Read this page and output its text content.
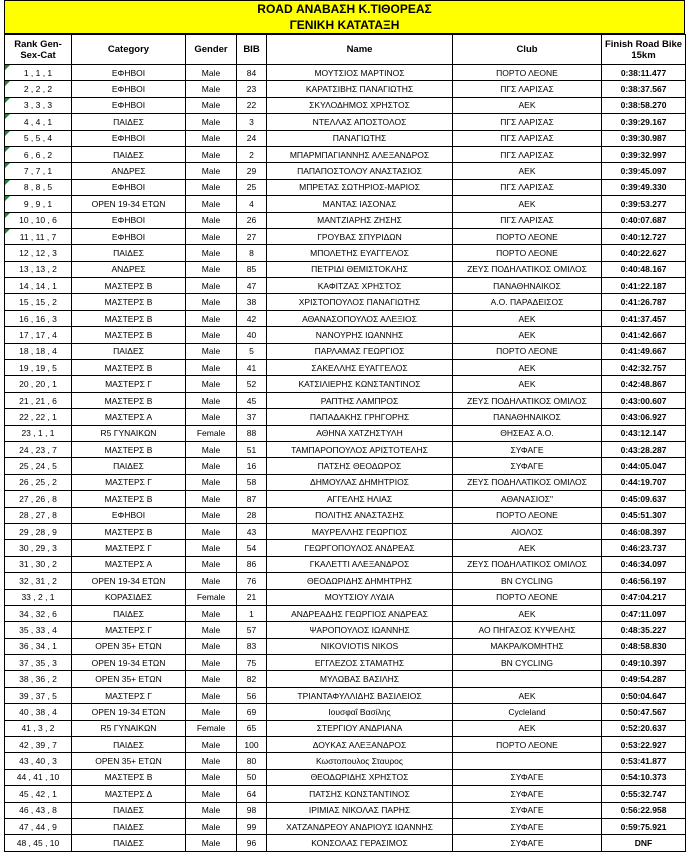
ROAD ΑΝΑΒΑΣΗ Κ.ΤΙΘΟΡΕΑΣ
ΓΕΝΙΚΗ ΚΑΤΑΤΑΞΗ
Rank Gen-Sex-Cat	Category	Gender	BIB	Name	Club	Finish Road Bike 15km
1 , 1 , 1	ΕΦΗΒΟΙ	Male	84	ΜΟΥΤΣΙΟΣ ΜΑΡΤΙΝΟΣ	ΠΟΡΤΟ ΛΕΟΝΕ	0:38:11.477
2 , 2 , 2	ΕΦΗΒΟΙ	Male	23	ΚΑΡΑΤΣΙΒΗΣ ΠΑΝΑΓΙΩΤΗΣ	ΠΓΣ ΛΑΡΙΣΑΣ	0:38:37.567
3 , 3 , 3	ΕΦΗΒΟΙ	Male	22	ΣΚΥΛΟΔΗΜΟΣ ΧΡΗΣΤΟΣ	ΑΕΚ	0:38:58.270
4 , 4 , 1	ΠΑΙΔΕΣ	Male	3	ΝΤΕΛΛΑΣ ΑΠΟΣΤΟΛΟΣ	ΠΓΣ ΛΑΡΙΣΑΣ	0:39:29.167
5 , 5 , 4	ΕΦΗΒΟΙ	Male	24	ΠΑΝΑΓΙΩΤΗΣ	ΠΓΣ ΛΑΡΙΣΑΣ	0:39:30.987
6 , 6 , 2	ΠΑΙΔΕΣ	Male	2	ΜΠΑΡΜΠΑΓΙΑΝΝΗΣ ΑΛΕΞΑΝΔΡΟΣ	ΠΓΣ ΛΑΡΙΣΑΣ	0:39:32.997
7 , 7 , 1	ΑΝΔΡΕΣ	Male	29	ΠΑΠΑΠΟΣΤΟΛΟΥ ΑΝΑΣΤΑΣΙΟΣ	ΑΕΚ	0:39:45.097
8 , 8 , 5	ΕΦΗΒΟΙ	Male	25	ΜΠΡΕΤΑΣ ΣΩΤΗΡΙΟΣ-ΜΑΡΙΟΣ	ΠΓΣ ΛΑΡΙΣΑΣ	0:39:49.330
9 , 9 , 1	OPEN 19-34 ΕΤΩΝ	Male	4	ΜΑΝΤΑΣ ΙΑΣΟΝΑΣ	ΑΕΚ	0:39:53.277
10 , 10 , 6	ΕΦΗΒΟΙ	Male	26	ΜΑΝΤΖΙΑΡΗΣ ΖΗΣΗΣ	ΠΓΣ ΛΑΡΙΣΑΣ	0:40:07.687
11 , 11 , 7	ΕΦΗΒΟΙ	Male	27	ΓΡΟΥΒΑΣ ΣΠΥΡΙΔΩΝ	ΠΟΡΤΟ ΛΕΟΝΕ	0:40:12.727
12 , 12 , 3	ΠΑΙΔΕΣ	Male	8	ΜΠΟΛΕΤΗΣ ΕΥΑΓΓΕΛΟΣ	ΠΟΡΤΟ ΛΕΟΝΕ	0:40:22.627
13 , 13 , 2	ΑΝΔΡΕΣ	Male	85	ΠΕΤΡΙΔΙ ΘΕΜΙΣΤΟΚΛΗΣ	ΖΕΥΣ ΠΟΔΗΛΑΤΙΚΟΣ ΟΜΙΛΟΣ	0:40:48.167
14 , 14 , 1	ΜΑΣΤΕΡΣ Β	Male	47	ΚΑΦΙΤΖΑΣ ΧΡΗΣΤΟΣ	ΠΑΝΑΘΗΝΑΙΚΟΣ	0:41:22.187
15 , 15 , 2	ΜΑΣΤΕΡΣ Β	Male	38	ΧΡΙΣΤΟΠΟΥΛΟΣ ΠΑΝΑΓΙΩΤΗΣ	Α.Ο. ΠΑΡΑΔΕΙΣΟΣ	0:41:26.787
16 , 16 , 3	ΜΑΣΤΕΡΣ Β	Male	42	ΑΘΑΝΑΣΟΠΟΥΛΟΣ ΑΛΕΞΙΟΣ	ΑΕΚ	0:41:37.457
17 , 17 , 4	ΜΑΣΤΕΡΣ Β	Male	40	ΝΑΝΟΥΡΗΣ ΙΩΑΝΝΗΣ	ΑΕΚ	0:41:42.667
18 , 18 , 4	ΠΑΙΔΕΣ	Male	5	ΠΑΡΛΑΜΑΣ ΓΕΩΡΓΙΟΣ	ΠΟΡΤΟ ΛΕΟΝΕ	0:41:49.667
19 , 19 , 5	ΜΑΣΤΕΡΣ Β	Male	41	ΣΑΚΕΛΛΗΣ ΕΥΑΓΓΕΛΟΣ	ΑΕΚ	0:42:32.757
20 , 20 , 1	ΜΑΣΤΕΡΣ Γ	Male	52	ΚΑΤΣΙΛΙΕΡΗΣ ΚΩΝΣΤΑΝΤΙΝΟΣ	ΑΕΚ	0:42:48.867
21 , 21 , 6	ΜΑΣΤΕΡΣ Β	Male	45	ΡΑΠΤΗΣ ΛΑΜΠΡΟΣ	ΖΕΥΣ ΠΟΔΗΛΑΤΙΚΟΣ ΟΜΙΛΟΣ	0:43:00.607
22 , 22 , 1	ΜΑΣΤΕΡΣ Α	Male	37	ΠΑΠΑΔΑΚΗΣ ΓΡΗΓΟΡΗΣ	ΠΑΝΑΘΗΝΑΙΚΟΣ	0:43:06.927
23 , 1 , 1	R5 ΓΥΝΑΙΚΩΝ	Female	88	ΑΘΗΝΑ ΧΑΤΖΗΣΤΥΛΗ	ΘΗΣΕΑΣ Α.Ο.	0:43:12.147
24 , 23 , 7	ΜΑΣΤΕΡΣ Β	Male	51	ΤΑΜΠΑΡΟΠΟΥΛΟΣ ΑΡΙΣΤΟΤΕΛΗΣ	ΣΥΦΑΓΕ	0:43:28.287
25 , 24 , 5	ΠΑΙΔΕΣ	Male	16	ΠΑΤΣΗΣ ΘΕΟΔΩΡΟΣ	ΣΥΦΑΓΕ	0:44:05.047
26 , 25 , 2	ΜΑΣΤΕΡΣ Γ	Male	58	ΔΗΜΟΥΛΑΣ ΔΗΜΗΤΡΙΟΣ	ΖΕΥΣ ΠΟΔΗΛΑΤΙΚΟΣ ΟΜΙΛΟΣ	0:44:19.707
27 , 26 , 8	ΜΑΣΤΕΡΣ Β	Male	87	ΑΓΓΕΛΗΣ ΗΛΙΑΣ	ΑΘΑΝΑΣΙΟΣ"	0:45:09.637
28 , 27 , 8	ΕΦΗΒΟΙ	Male	28	ΠΟΛΙΤΗΣ ΑΝΑΣΤΑΣΗΣ	ΠΟΡΤΟ ΛΕΟΝΕ	0:45:51.307
29 , 28 , 9	ΜΑΣΤΕΡΣ Β	Male	43	ΜΑΥΡΕΛΛΗΣ ΓΕΩΡΓΙΟΣ	ΑΙΟΛΟΣ	0:46:08.397
30 , 29 , 3	ΜΑΣΤΕΡΣ Γ	Male	54	ΓΕΩΡΓΟΠΟΥΛΟΣ ΑΝΔΡΕΑΣ	ΑΕΚ	0:46:23.737
31 , 30 , 2	ΜΑΣΤΕΡΣ Α	Male	86	ΓΚΑΛΕΤΤΙ ΑΛΕΞΑΝΔΡΟΣ	ΖΕΥΣ ΠΟΔΗΛΑΤΙΚΟΣ ΟΜΙΛΟΣ	0:46:34.097
32 , 31 , 2	OPEN 19-34 ΕΤΩΝ	Male	76	ΘΕΟΔΩΡΙΔΗΣ ΔΗΜΗΤΡΗΣ	BN CYCLING	0:46:56.197
33 , 2 , 1	ΚΟΡΑΣΙΔΕΣ	Female	21	ΜΟΥΤΣΙΟΥ ΛΥΔΙΑ	ΠΟΡΤΟ ΛΕΟΝΕ	0:47:04.217
34 , 32 , 6	ΠΑΙΔΕΣ	Male	1	ΑΝΔΡΕΑΔΗΣ ΓΕΩΡΓΙΟΣ ΑΝΔΡΕΑΣ	ΑΕΚ	0:47:11.097
35 , 33 , 4	ΜΑΣΤΕΡΣ Γ	Male	57	ΨΑΡΟΠΟΥΛΟΣ ΙΩΑΝΝΗΣ	ΑΟ ΠΗΓΑΣΟΣ ΚΥΨΕΛΗΣ	0:48:35.227
36 , 34 , 1	OPEN 35+ ΕΤΩΝ	Male	83	NIKOVIOTIS NIKOS	ΜΑΚΡΑ/ΚΟΜΗΤΗΣ	0:48:58.830
37 , 35 , 3	OPEN 19-34 ΕΤΩΝ	Male	75	ΕΓΓΛΕΖΟΣ ΣΤΑΜΑΤΗΣ	BN CYCLING	0:49:10.397
38 , 36 , 2	OPEN 35+ ΕΤΩΝ	Male	82	ΜΥΛΩΒΑΣ ΒΑΣΙΛΗΣ		0:49:54.287
39 , 37 , 5	ΜΑΣΤΕΡΣ Γ	Male	56	ΤΡΙΑΝΤΑΦΥΛΛΙΔΗΣ ΒΑΣΙΛΕΙΟΣ	ΑΕΚ	0:50:04.647
40 , 38 , 4	OPEN 19-34 ΕΤΩΝ	Male	69	Ιουσφαΐ Βασίλης	Cycleland	0:50:47.567
41 , 3 , 2	R5 ΓΥΝΑΙΚΩΝ	Female	65	ΣΤΕΡΓΙΟΥ ΑΝΔΡΙΑΝΑ	ΑΕΚ	0:52:20.637
42 , 39 , 7	ΠΑΙΔΕΣ	Male	100	ΔΟΥΚΑΣ ΑΛΕΞΑΝΔΡΟΣ	ΠΟΡΤΟ ΛΕΟΝΕ	0:53:22.927
43 , 40 , 3	OPEN 35+ ΕΤΩΝ	Male	80	Κωστοπουλος Σταυρος		0:53:41.877
44 , 41 , 10	ΜΑΣΤΕΡΣ Β	Male	50	ΘΕΟΔΩΡΙΔΗΣ ΧΡΗΣΤΟΣ	ΣΥΦΑΓΕ	0:54:10.373
45 , 42 , 1	ΜΑΣΤΕΡΣ Δ	Male	64	ΠΑΤΣΗΣ ΚΩΝΣΤΑΝΤΙΝΟΣ	ΣΥΦΑΓΕ	0:55:32.747
46 , 43 , 8	ΠΑΙΔΕΣ	Male	98	ΙΡΙΜΙΑΣ ΝΙΚΟΛΑΣ ΠΑΡΗΣ	ΣΥΦΑΓΕ	0:56:22.958
47 , 44 , 9	ΠΑΙΔΕΣ	Male	99	ΧΑΤΖΑΝΔΡΕΟΥ ΑΝΔΡΙΟΥΣ ΙΩΑΝΝΗΣ	ΣΥΦΑΓΕ	0:59:75.921
48 , 45 , 10	ΠΑΙΔΕΣ	Male	96	ΚΟΝΣΟΛΑΣ ΓΕΡΑΣΙΜΟΣ	ΣΥΦΑΓΕ	DNF
